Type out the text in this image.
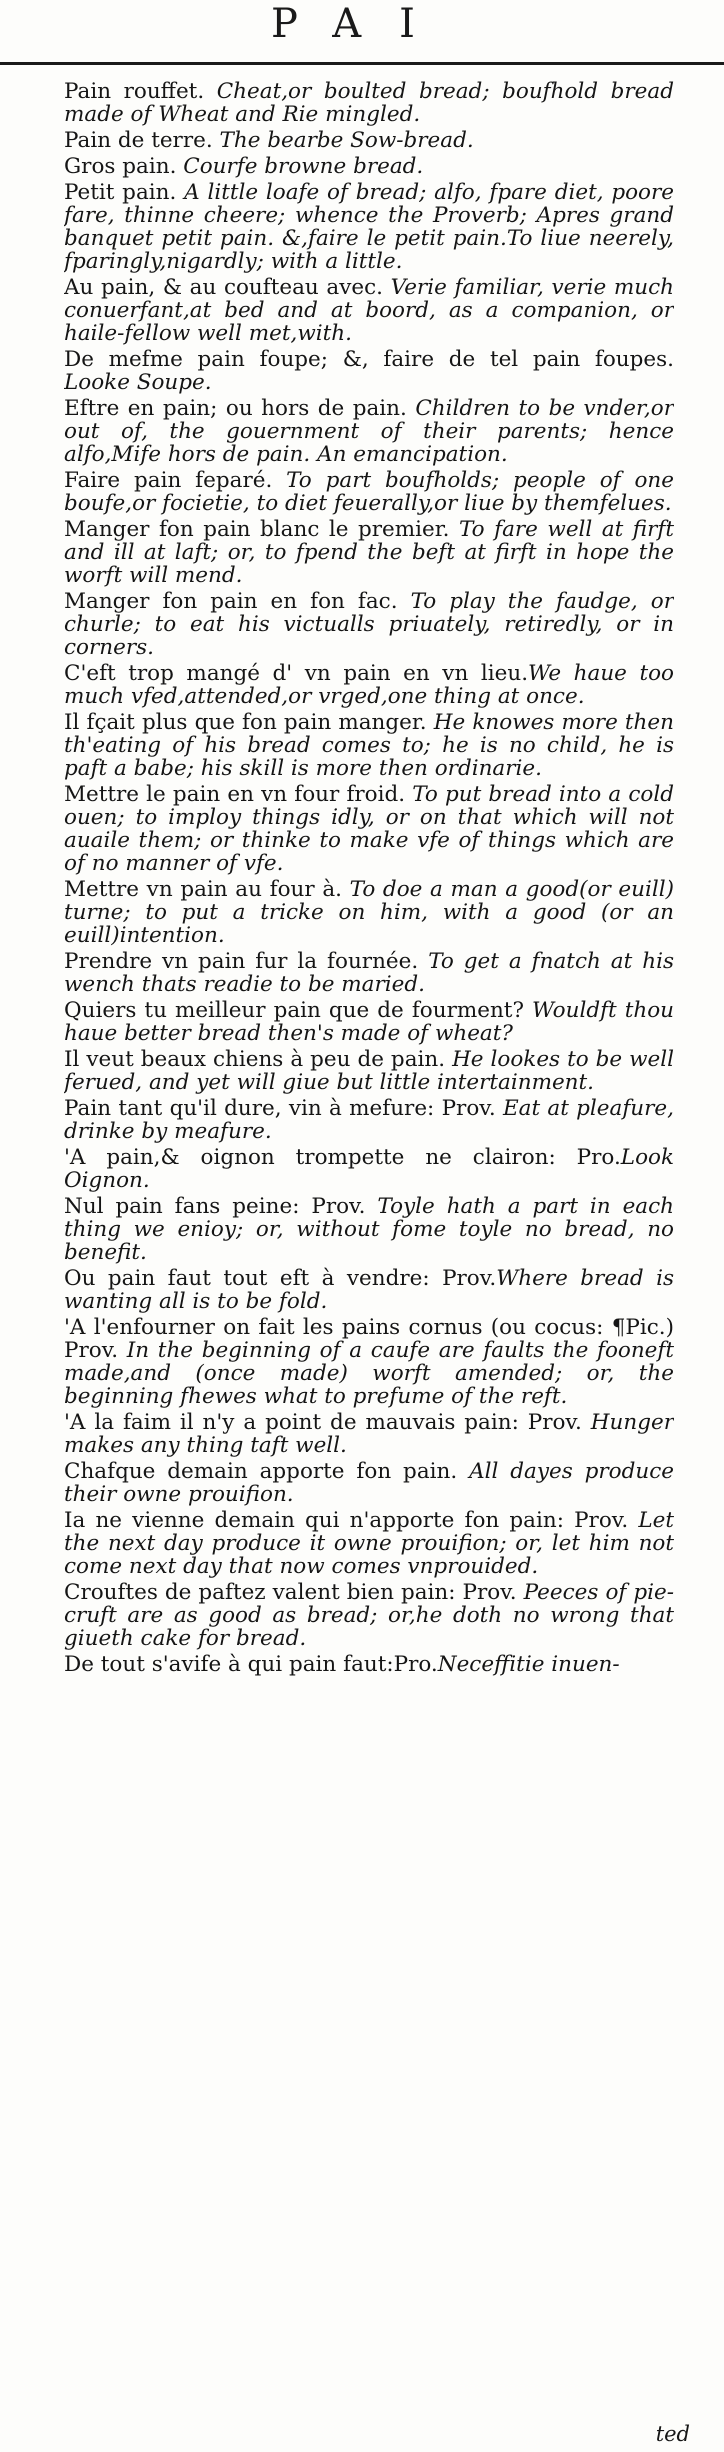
PAI

Pain rouffet. Cheat,or boulted bread; boufhold bread made of Wheat and Rie mingled.

Pain de terre. The bearbe Sow-bread.

Gros pain. Courfe browne bread.

Petit pain. A little loafe of bread; alfo, fpare diet, poore fare, thinne cheere; whence the Proverb; Apres grand banquet petit pain. &,faire le petit pain.To liue neerely, fparingly,nigardly; with a little.

Au pain, & au coufteau avec. Verie familiar, verie much conuerfant,at bed and at boord, as a companion, or haile-fellow well met,with.

De mefme pain foupe; &, faire de tel pain foupes. Looke Soupe.

Eftre en pain; ou hors de pain. Children to be vnder,or out of, the gouernment of their parents; hence alfo,Mife hors de pain. An emancipation.

Faire pain feparé. To part boufholds; people of one boufe,or focietie, to diet feuerally,or liue by themfelues.

Manger fon pain blanc le premier. To fare well at firft and ill at laft; or, to fpend the beft at firft in hope the worft will mend.

Manger fon pain en fon fac. To play the faudge, or churle; to eat his victualls priuately, retiredly, or in corners.

C'eft trop mangé d' vn pain en vn lieu.We haue too much vfed,attended,or vrged,one thing at once.

Il fçait plus que fon pain manger. He knowes more then th'eating of his bread comes to; he is no child, he is paft a babe; his skill is more then ordinarie.

Mettre le pain en vn four froid. To put bread into a cold ouen; to imploy things idly, or on that which will not auaile them; or thinke to make vfe of things which are of no manner of vfe.

Mettre vn pain au four à. To doe a man a good(or euill) turne; to put a tricke on him, with a good (or an euill)intention.

Prendre vn pain fur la fournée. To get a fnatch at his wench thats readie to be maried.

Quiers tu meilleur pain que de fourment? Wouldft thou haue better bread then's made of wheat?

Il veut beaux chiens à peu de pain. He lookes to be well ferued, and yet will giue but little intertainment.

Pain tant qu'il dure, vin à mefure: Prov. Eat at pleafure, drinke by meafure.

'A pain,& oignon trompette ne clairon: Pro.Look Oignon.

Nul pain fans peine: Prov. Toyle hath a part in each thing we enioy; or, without fome toyle no bread, no benefit.

Ou pain faut tout eft à vendre: Prov.Where bread is wanting all is to be fold.

'A l'enfourner on fait les pains cornus (ou cocus: ¶Pic.) Prov. In the beginning of a caufe are faults the fooneft made,and (once made) worft amended; or, the beginning fhewes what to prefume of the reft.

'A la faim il n'y a point de mauvais pain: Prov. Hunger makes any thing taft well.

Chafque demain apporte fon pain. All dayes produce their owne prouifion.

Ia ne vienne demain qui n'apporte fon pain: Prov. Let the next day produce it owne prouifion; or, let him not come next day that now comes vnprouided.

Crouftes de paftez valent bien pain: Prov. Peeces of pie-cruft are as good as bread; or,he doth no wrong that giueth cake for bread.

De tout s'avife à qui pain faut:Pro.Neceffitie inuen-

ted
